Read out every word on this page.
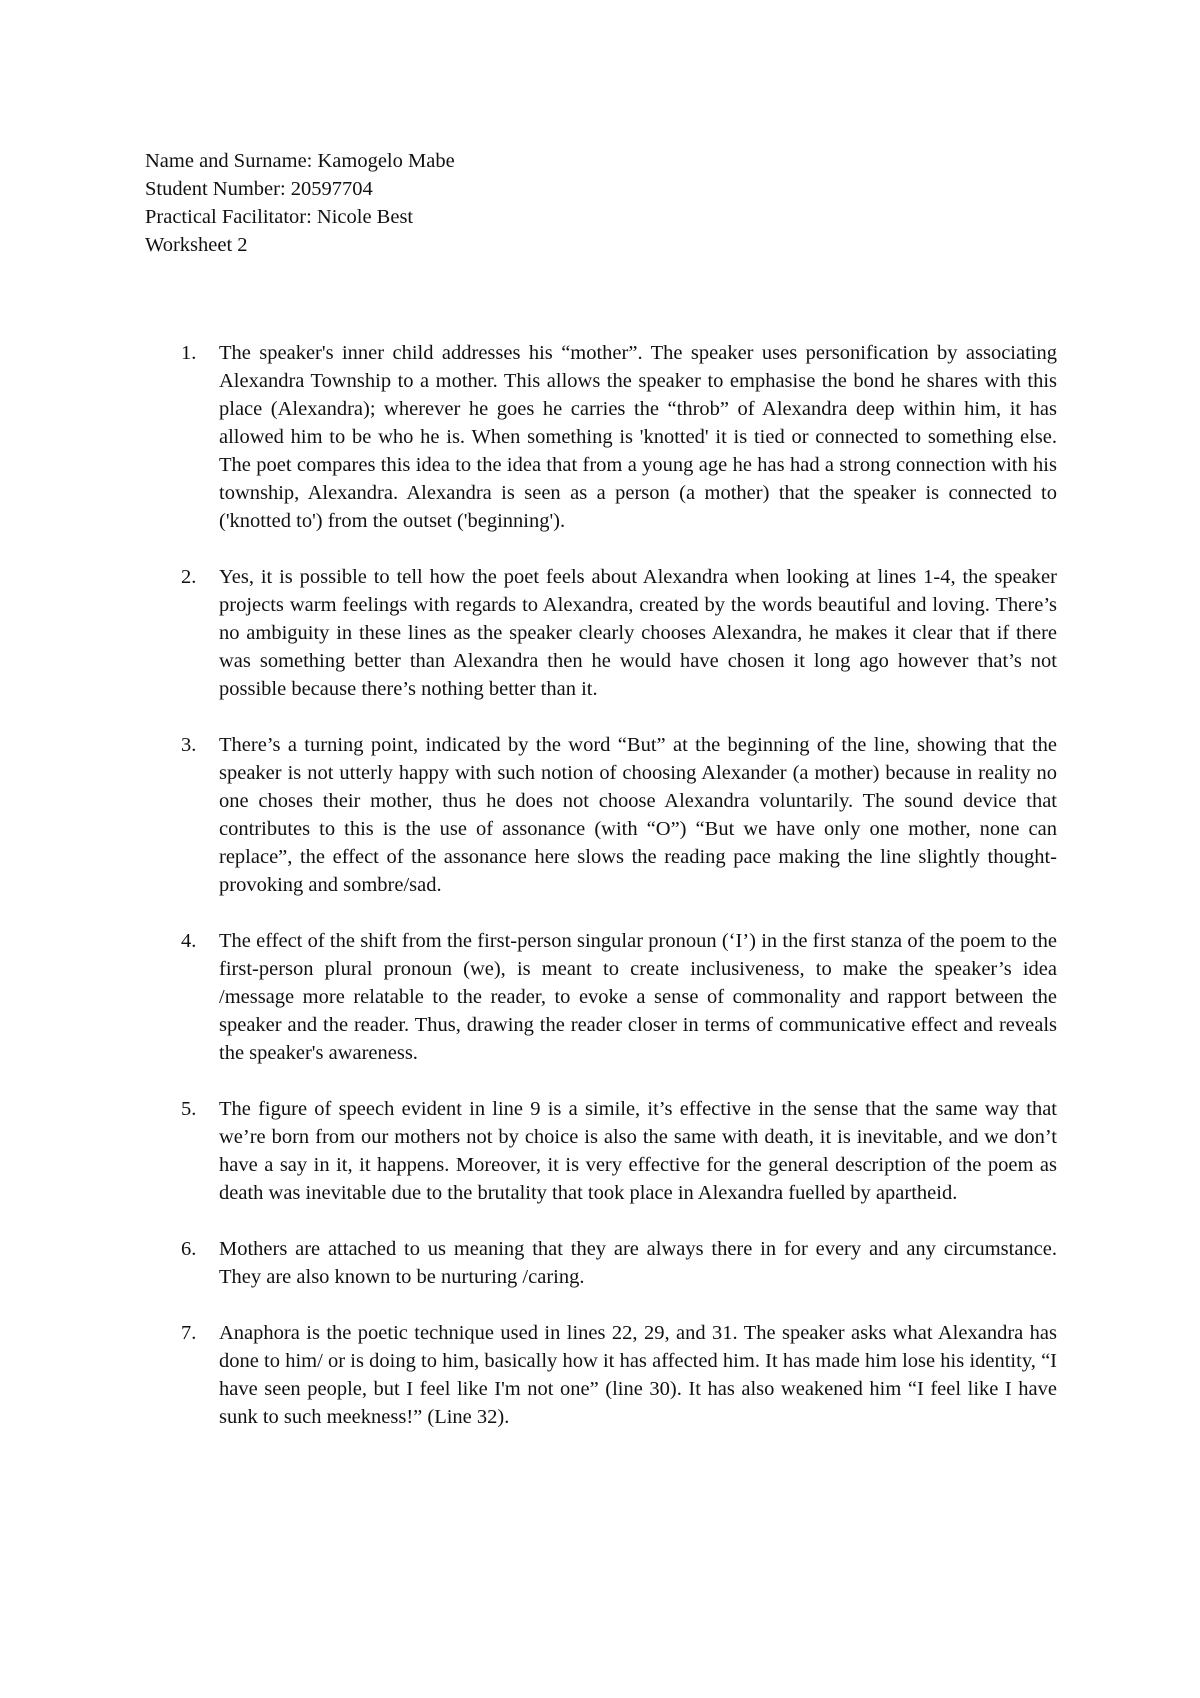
Name and Surname: Kamogelo Mabe
Student Number: 20597704
Practical Facilitator: Nicole Best
Worksheet 2
1. The speaker's inner child addresses his “mother”. The speaker uses personification by associating Alexandra Township to a mother. This allows the speaker to emphasise the bond he shares with this place (Alexandra); wherever he goes he carries the “throb” of Alexandra deep within him, it has allowed him to be who he is. When something is 'knotted' it is tied or connected to something else. The poet compares this idea to the idea that from a young age he has had a strong connection with his township, Alexandra. Alexandra is seen as a person (a mother) that the speaker is connected to ('knotted to') from the outset ('beginning').
2. Yes, it is possible to tell how the poet feels about Alexandra when looking at lines 1-4, the speaker projects warm feelings with regards to Alexandra, created by the words beautiful and loving. There’s no ambiguity in these lines as the speaker clearly chooses Alexandra, he makes it clear that if there was something better than Alexandra then he would have chosen it long ago however that’s not possible because there’s nothing better than it.
3. There’s a turning point, indicated by the word “But” at the beginning of the line, showing that the speaker is not utterly happy with such notion of choosing Alexander (a mother) because in reality no one choses their mother, thus he does not choose Alexandra voluntarily. The sound device that contributes to this is the use of assonance (with “O”) “But we have only one mother, none can replace”, the effect of the assonance here slows the reading pace making the line slightly thought-provoking and sombre/sad.
4. The effect of the shift from the first-person singular pronoun (‘I’) in the first stanza of the poem to the first-person plural pronoun (we), is meant to create inclusiveness, to make the speaker’s idea /message more relatable to the reader, to evoke a sense of commonality and rapport between the speaker and the reader. Thus, drawing the reader closer in terms of communicative effect and reveals the speaker's awareness.
5. The figure of speech evident in line 9 is a simile, it’s effective in the sense that the same way that we’re born from our mothers not by choice is also the same with death, it is inevitable, and we don’t have a say in it, it happens. Moreover, it is very effective for the general description of the poem as death was inevitable due to the brutality that took place in Alexandra fuelled by apartheid.
6. Mothers are attached to us meaning that they are always there in for every and any circumstance. They are also known to be nurturing /caring.
7. Anaphora is the poetic technique used in lines 22, 29, and 31. The speaker asks what Alexandra has done to him/ or is doing to him, basically how it has affected him. It has made him lose his identity, “I have seen people, but I feel like I'm not one” (line 30). It has also weakened him “I feel like I have sunk to such meekness!” (Line 32).
